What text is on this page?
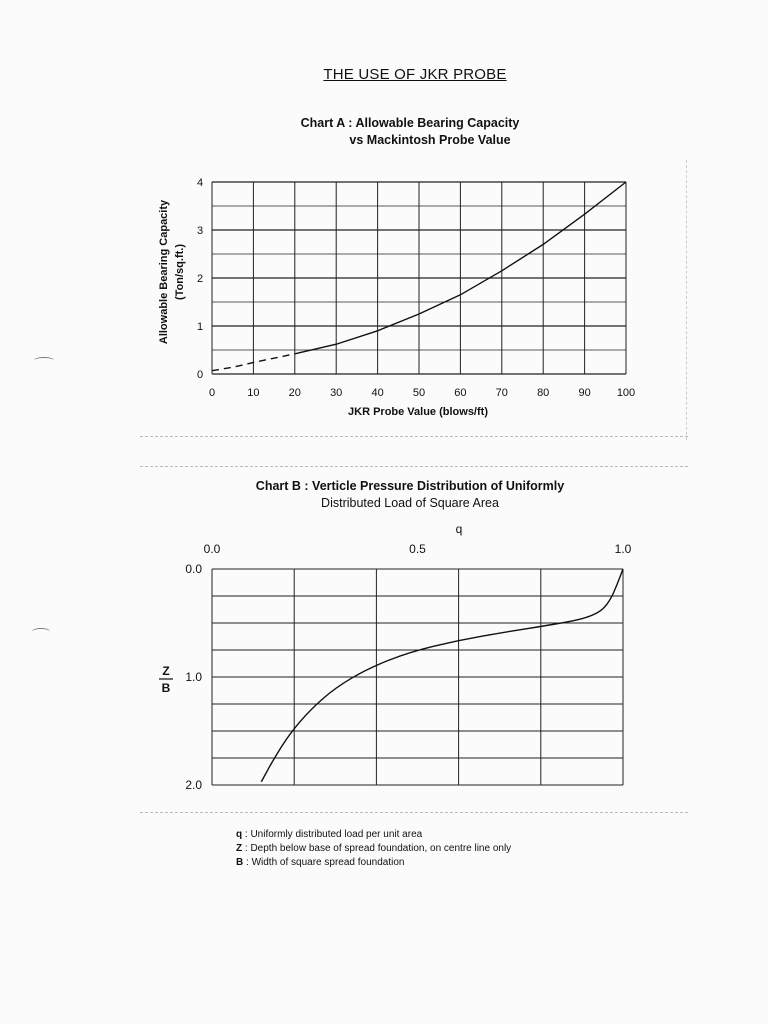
THE USE OF JKR PROBE
Chart A : Allowable Bearing Capacity
vs Mackintosh Probe Value
Chart B : Verticle Pressure Distribution of Uniformly
Distributed Load of Square Area
0	10	20	30	40	50	60	70	80	90 100
0
1
2
3
4
JKR Probe Value (blows/ft)
Allowable Bearing Capacity (Ton/sq.ft.)
0.0	0.5	1.0
0.0
1.0
2.0
q
Z
B
q : Uniformly distributed load per unit area
Z : Depth below base of spread foundation, on centre line only
B : Width of square spread foundation
